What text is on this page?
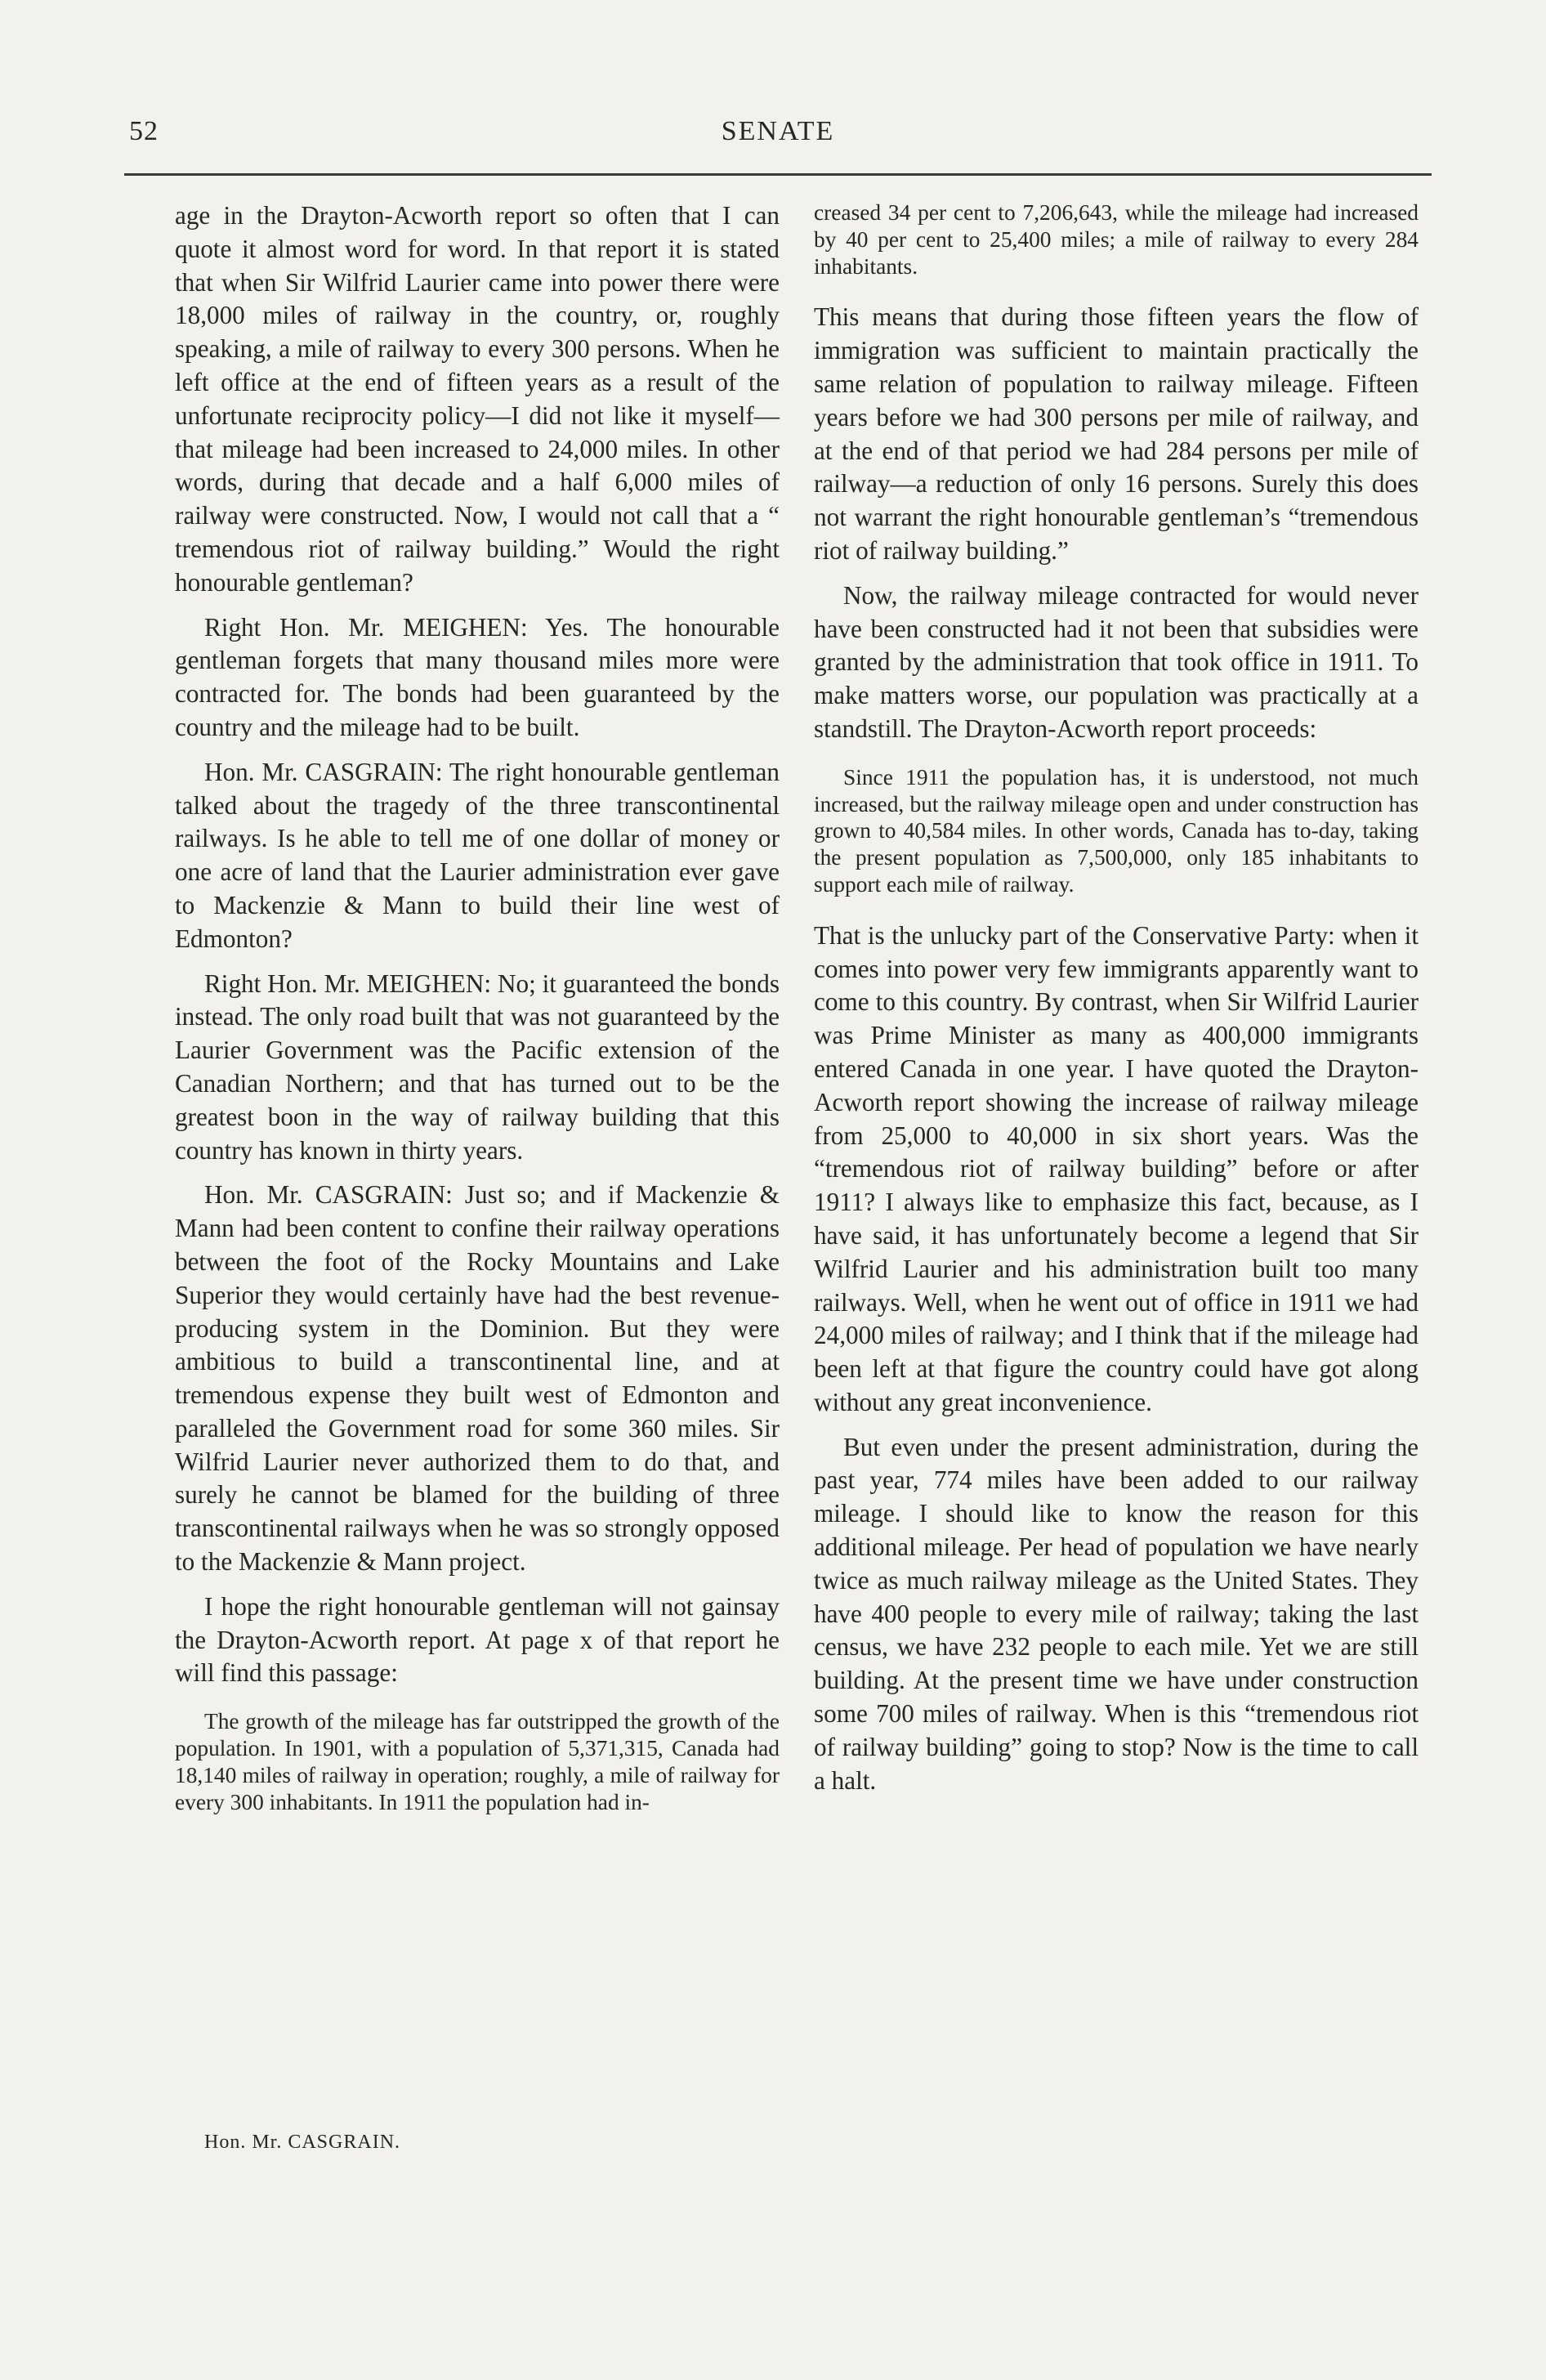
52	SENATE

age in the Drayton-Acworth report so often that I can quote it almost word for word. In that report it is stated that when Sir Wilfrid Laurier came into power there were 18,000 miles of railway in the country, or, roughly speaking, a mile of railway to every 300 persons. When he left office at the end of fifteen years as a result of the unfortunate reciprocity policy—I did not like it myself—that mileage had been increased to 24,000 miles. In other words, during that decade and a half 6,000 miles of railway were constructed. Now, I would not call that a “ tremendous riot of railway building.” Would the right honourable gentleman?

Right Hon. Mr. MEIGHEN: Yes. The honourable gentleman forgets that many thousand miles more were contracted for. The bonds had been guaranteed by the country and the mileage had to be built.

Hon. Mr. CASGRAIN: The right honourable gentleman talked about the tragedy of the three transcontinental railways. Is he able to tell me of one dollar of money or one acre of land that the Laurier administration ever gave to Mackenzie & Mann to build their line west of Edmonton?

Right Hon. Mr. MEIGHEN: No; it guaranteed the bonds instead. The only road built that was not guaranteed by the Laurier Government was the Pacific extension of the Canadian Northern; and that has turned out to be the greatest boon in the way of railway building that this country has known in thirty years.

Hon. Mr. CASGRAIN: Just so; and if Mackenzie & Mann had been content to confine their railway operations between the foot of the Rocky Mountains and Lake Superior they would certainly have had the best revenue-producing system in the Dominion. But they were ambitious to build a transcontinental line, and at tremendous expense they built west of Edmonton and paralleled the Government road for some 360 miles. Sir Wilfrid Laurier never authorized them to do that, and surely he cannot be blamed for the building of three transcontinental railways when he was so strongly opposed to the Mackenzie & Mann project.

I hope the right honourable gentleman will not gainsay the Drayton-Acworth report. At page x of that report he will find this passage:

The growth of the mileage has far outstripped the growth of the population. In 1901, with a population of 5,371,315, Canada had 18,140 miles of railway in operation; roughly, a mile of railway for every 300 inhabitants. In 1911 the population had in-

creased 34 per cent to 7,206,643, while the mileage had increased by 40 per cent to 25,400 miles; a mile of railway to every 284 inhabitants.

This means that during those fifteen years the flow of immigration was sufficient to maintain practically the same relation of population to railway mileage. Fifteen years before we had 300 persons per mile of railway, and at the end of that period we had 284 persons per mile of railway—a reduction of only 16 persons. Surely this does not warrant the right honourable gentleman’s “tremendous riot of railway building.”

Now, the railway mileage contracted for would never have been constructed had it not been that subsidies were granted by the administration that took office in 1911. To make matters worse, our population was practically at a standstill. The Drayton-Acworth report proceeds:

Since 1911 the population has, it is understood, not much increased, but the railway mileage open and under construction has grown to 40,584 miles. In other words, Canada has to-day, taking the present population as 7,500,000, only 185 inhabitants to support each mile of railway.

That is the unlucky part of the Conservative Party: when it comes into power very few immigrants apparently want to come to this country. By contrast, when Sir Wilfrid Laurier was Prime Minister as many as 400,000 immigrants entered Canada in one year. I have quoted the Drayton-Acworth report showing the increase of railway mileage from 25,000 to 40,000 in six short years. Was the “tremendous riot of railway building” before or after 1911? I always like to emphasize this fact, because, as I have said, it has unfortunately become a legend that Sir Wilfrid Laurier and his administration built too many railways. Well, when he went out of office in 1911 we had 24,000 miles of railway; and I think that if the mileage had been left at that figure the country could have got along without any great inconvenience.

But even under the present administration, during the past year, 774 miles have been added to our railway mileage. I should like to know the reason for this additional mileage. Per head of population we have nearly twice as much railway mileage as the United States. They have 400 people to every mile of railway; taking the last census, we have 232 people to each mile. Yet we are still building. At the present time we have under construction some 700 miles of railway. When is this “tremendous riot of railway building” going to stop? Now is the time to call a halt.

Hon. Mr. CASGRAIN.
